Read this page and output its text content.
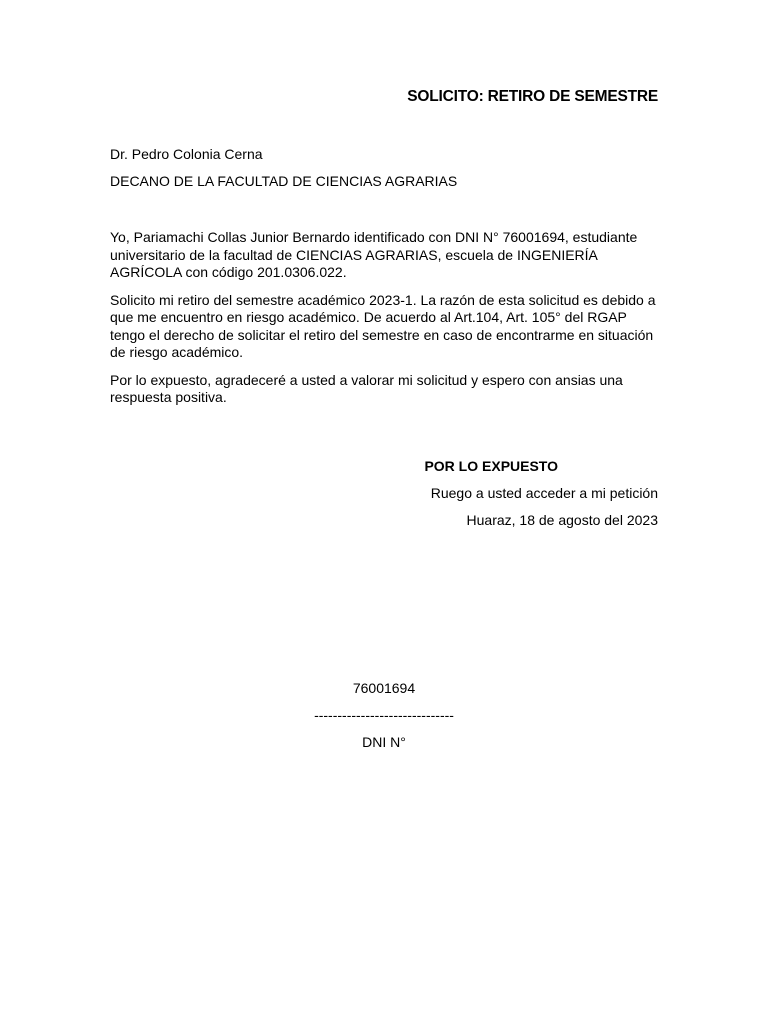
SOLICITO: RETIRO DE SEMESTRE
Dr. Pedro Colonia Cerna
DECANO DE LA FACULTAD DE CIENCIAS AGRARIAS

Yo, Pariamachi Collas Junior Bernardo identificado con DNI N° 76001694, estudiante universitario de la facultad de CIENCIAS AGRARIAS, escuela de INGENIERÍA AGRÍCOLA con código 201.0306.022.

Solicito mi retiro del semestre académico 2023-1. La razón de esta solicitud es debido a que me encuentro en riesgo académico. De acuerdo al Art.104, Art. 105° del RGAP tengo el derecho de solicitar el retiro del semestre en caso de encontrarme en situación de riesgo académico.

Por lo expuesto, agradeceré a usted a valorar mi solicitud y espero con ansias una respuesta positiva.

POR LO EXPUESTO
Ruego a usted acceder a mi petición
Huaraz, 18 de agosto del 2023
76001694
------------------------------
DNI N°
